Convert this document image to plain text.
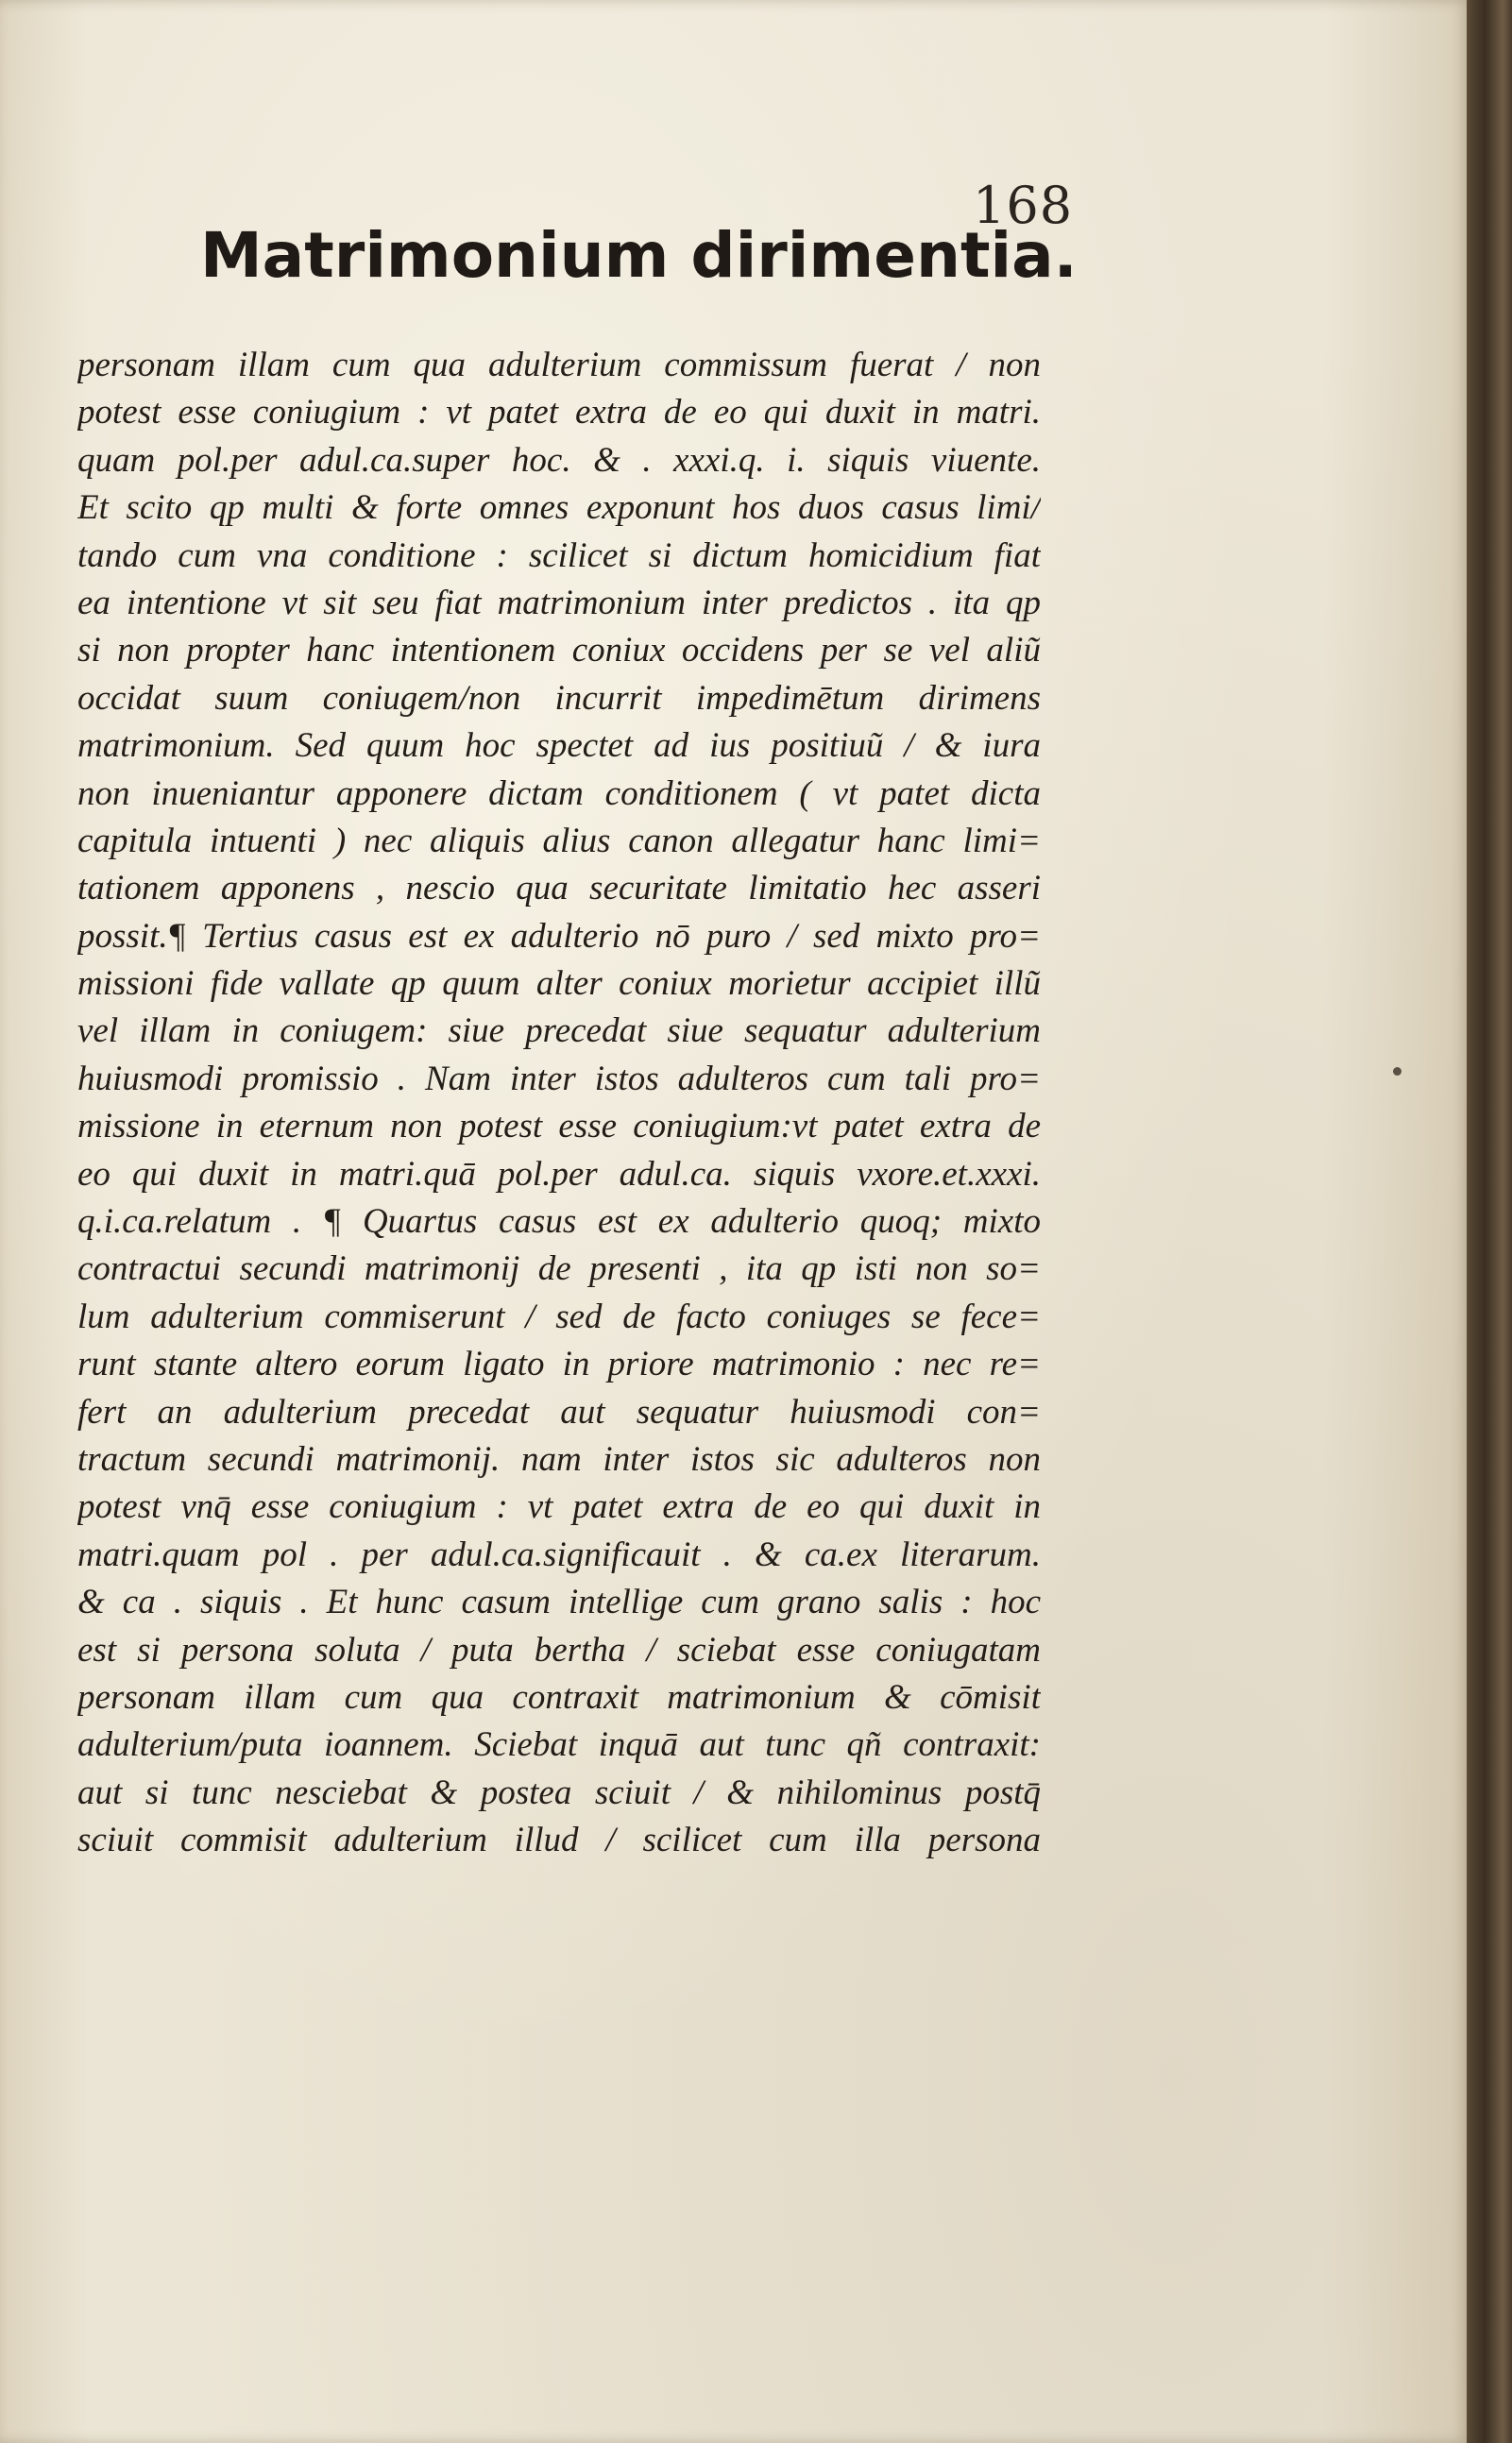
168
Matrimonium dirimentia.
personam illam cum qua adulterium commissum fuerat / non
potest esse coniugium : vt patet extra de eo qui duxit in matri.
quam pol.per adul.ca.super hoc. & . xxxi.q. i. siquis viuente.
Et scito qp multi & forte omnes exponunt hos duos casus limi/
tando cum vna conditione : scilicet si dictum homicidium fiat
ea intentione vt sit seu fiat matrimonium inter predictos . ita qp
si non propter hanc intentionem coniux occidens per se vel aliũ
occidat suum coniugem/non incurrit impedimētum dirimens
matrimonium. Sed quum hoc spectet ad ius positiuũ / & iura
non inueniantur apponere dictam conditionem ( vt patet dicta
capitula intuenti ) nec aliquis alius canon allegatur hanc limi=
tationem apponens , nescio qua securitate limitatio hec asseri
possit.¶ Tertius casus est ex adulterio nō puro / sed mixto pro=
missioni fide vallate qp quum alter coniux morietur accipiet illũ
vel illam in coniugem: siue precedat siue sequatur adulterium
huiusmodi promissio . Nam inter istos adulteros cum tali pro=
missione in eternum non potest esse coniugium:vt patet extra de
eo qui duxit in matri.quā pol.per adul.ca. siquis vxore.et.xxxi.
q.i.ca.relatum . ¶ Quartus casus est ex adulterio quoq; mixto
contractui secundi matrimonij de presenti , ita qp isti non so=
lum adulterium commiserunt / sed de facto coniuges se fece=
runt stante altero eorum ligato in priore matrimonio : nec re=
fert an adulterium precedat aut sequatur huiusmodi con=
tractum secundi matrimonij. nam inter istos sic adulteros non
potest vnq̄ esse coniugium : vt patet extra de eo qui duxit in
matri.quam pol . per adul.ca.significauit . & ca.ex literarum.
& ca . siquis . Et hunc casum intellige cum grano salis : hoc
est si persona soluta / puta bertha / sciebat esse coniugatam
personam illam cum qua contraxit matrimonium & cōmisit
adulterium/puta ioannem. Sciebat inquā aut tunc qñ contraxit:
aut si tunc nesciebat & postea sciuit / & nihilominus postq̄
sciuit commisit adulterium illud / scilicet cum illa persona
